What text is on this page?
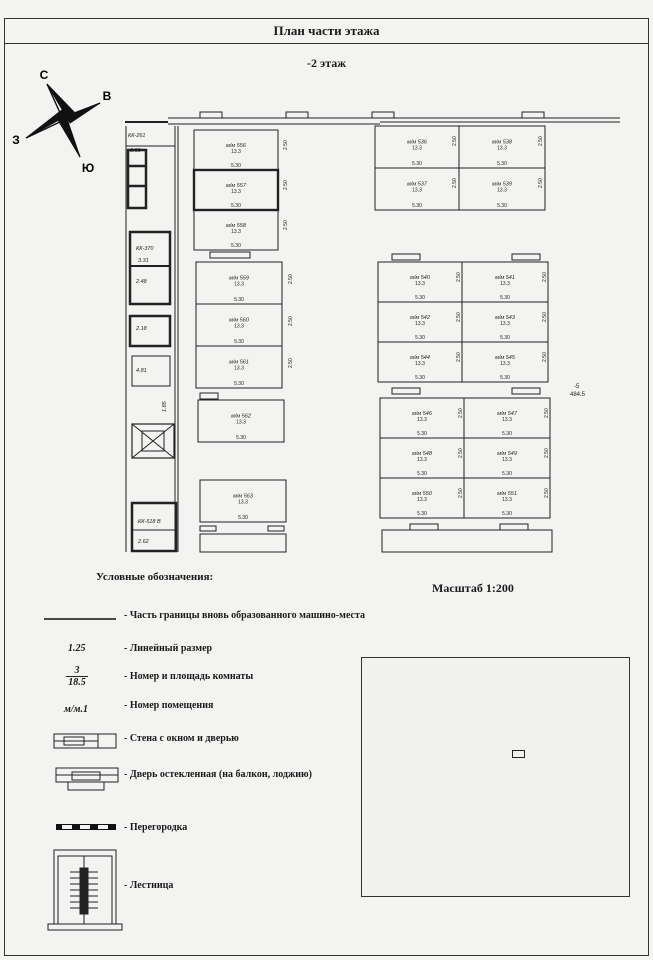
План части этажа
-2 этаж
С
В
З
Ю
КК-261
3.59
КК-370
3.31
2.48
2.18
4.81
КК-518 В
2.62
1.85
м/м 556
13.3
5.30
м/м 557
13.3
5.30
м/м 558
13.3
5.30
2.50
2.50
2.50
м/м 559
13.3
5.30
м/м 560
13.3
5.30
м/м 561
13.3
5.30
2.50
2.50
2.50
м/м 562
13.3
5.30
м/м 563
13.3
5.30
м/м 536
13.3
5.30
м/м 538
13.3
5.30
м/м 537
13.3
5.30
м/м 539
13.3
5.30
2.50	2.50
2.50	2.50
м/м 540
13.3
5.30
м/м 541
13.3
5.30
м/м 542
13.3
5.30
м/м 543
13.3
5.30
м/м 544
13.3
5.30
м/м 545
13.3
5.30
2.50	2.50
2.50	2.50
2.50	2.50
м/м 546
13.3
5.30
м/м 547
13.3
5.30
м/м 548
13.3
5.30
м/м 549
13.3
5.30
м/м 550
13.3
5.30
м/м 551
13.3
5.30
2.50	2.50
2.50	2.50
2.50	2.50
-5
484.5
Условные обозначения:
Масштаб 1:200
- Часть границы вновь образованного машино-места
1.25	- Линейный размер
$\frac{3}{18.5}$	- Номер и площадь комнаты
м/м.1	- Номер помещения
- Стена с окном и дверью
- Дверь остекленная (на балкон, лоджию)
- Перегородка
- Лестница
